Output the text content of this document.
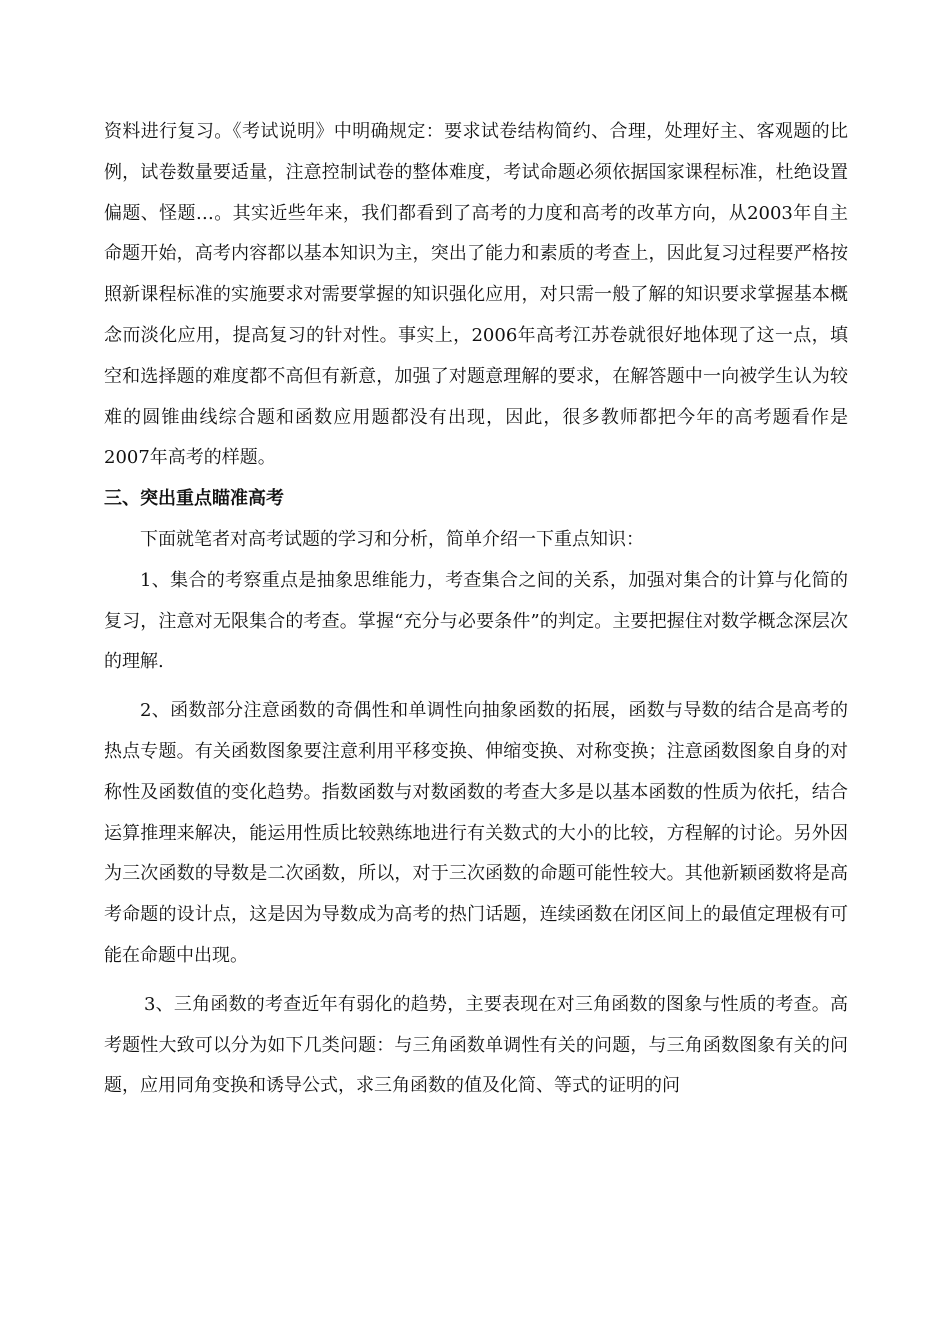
资料进行复习。《考试说明》中明确规定：要求试卷结构简约、合理，处理好主、客观题的比例，试卷数量要适量，注意控制试卷的整体难度，考试命题必须依据国家课程标准，杜绝设置偏题、怪题…。其实近些年来，我们都看到了高考的力度和高考的改革方向，从2003年自主命题开始，高考内容都以基本知识为主，突出了能力和素质的考查上，因此复习过程要严格按照新课程标准的实施要求对需要掌握的知识强化应用，对只需一般了解的知识要求掌握基本概念而淡化应用，提高复习的针对性。事实上，2006年高考江苏卷就很好地体现了这一点，填空和选择题的难度都不高但有新意，加强了对题意理解的要求，在解答题中一向被学生认为较难的圆锥曲线综合题和函数应用题都没有出现，因此，很多教师都把今年的高考题看作是2007年高考的样题。

三、突出重点瞄准高考

下面就笔者对高考试题的学习和分析，简单介绍一下重点知识：

1、集合的考察重点是抽象思维能力，考查集合之间的关系，加强对集合的计算与化简的复习，注意对无限集合的考查。掌握“充分与必要条件”的判定。主要把握住对数学概念深层次的理解.

2、函数部分注意函数的奇偶性和单调性向抽象函数的拓展，函数与导数的结合是高考的热点专题。有关函数图象要注意利用平移变换、伸缩变换、对称变换；注意函数图象自身的对称性及函数值的变化趋势。指数函数与对数函数的考查大多是以基本函数的性质为依托，结合运算推理来解决，能运用性质比较熟练地进行有关数式的大小的比较，方程解的讨论。另外因为三次函数的导数是二次函数，所以，对于三次函数的命题可能性较大。其他新颖函数将是高考命题的设计点，这是因为导数成为高考的热门话题，连续函数在闭区间上的最值定理极有可能在命题中出现。

3、三角函数的考查近年有弱化的趋势，主要表现在对三角函数的图象与性质的考查。高考题性大致可以分为如下几类问题：与三角函数单调性有关的问题，与三角函数图象有关的问题，应用同角变换和诱导公式，求三角函数的值及化简、等式的证明的问
